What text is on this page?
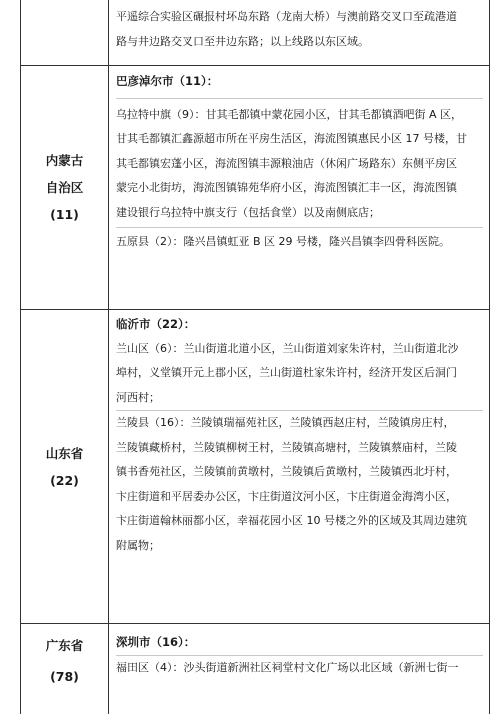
平遥综合实验区碾报村坏岛东路（龙南大桥）与澳前路交叉口至疏港道

路与井边路交叉口至井边东路；以上线路以东区域。

内蒙古
自治区
(11)

巴彦淖尔市（11）：

乌拉特中旗（9）：甘其毛都镇中蒙花园小区，甘其毛都镇酒吧街 A 区，

甘其毛都镇汇鑫源超市所在平房生活区，海流图镇惠民小区 17 号楼，甘

其毛都镇宏蓬小区，海流图镇丰源粮油店（休闲广场路东）东侧平房区

蒙完小北街坊，海流图镇锦苑华府小区，海流图镇汇丰一区，海流图镇

建设银行乌拉特中旗支行（包括食堂）以及南侧底店；

五原县（2）：隆兴昌镇虹亚 B 区 29 号楼，隆兴昌镇李四骨科医院。

山东省
(22)

临沂市（22）：

兰山区（6）：兰山街道北道小区，兰山街道刘家朱许村，兰山街道北沙

埠村，义堂镇开元上郡小区，兰山街道杜家朱许村，经济开发区后洞门

河西村；

兰陵县（16）：兰陵镇瑞福苑社区，兰陵镇西赵庄村，兰陵镇房庄村，

兰陵镇藏桥村，兰陵镇柳树王村，兰陵镇高塘村，兰陵镇蔡庙村，兰陵

镇书香苑社区，兰陵镇前黄墩村，兰陵镇后黄墩村，兰陵镇西北圩村，

卞庄街道和平居委办公区，卞庄街道汶河小区，卞庄街道金海湾小区，

卞庄街道翰林丽都小区，幸福花园小区 10 号楼之外的区域及其周边建筑

附属物；

广东省
(78)

深圳市（16）：

福田区（4）：沙头街道新洲社区祠堂村文化广场以北区域（新洲七街一
